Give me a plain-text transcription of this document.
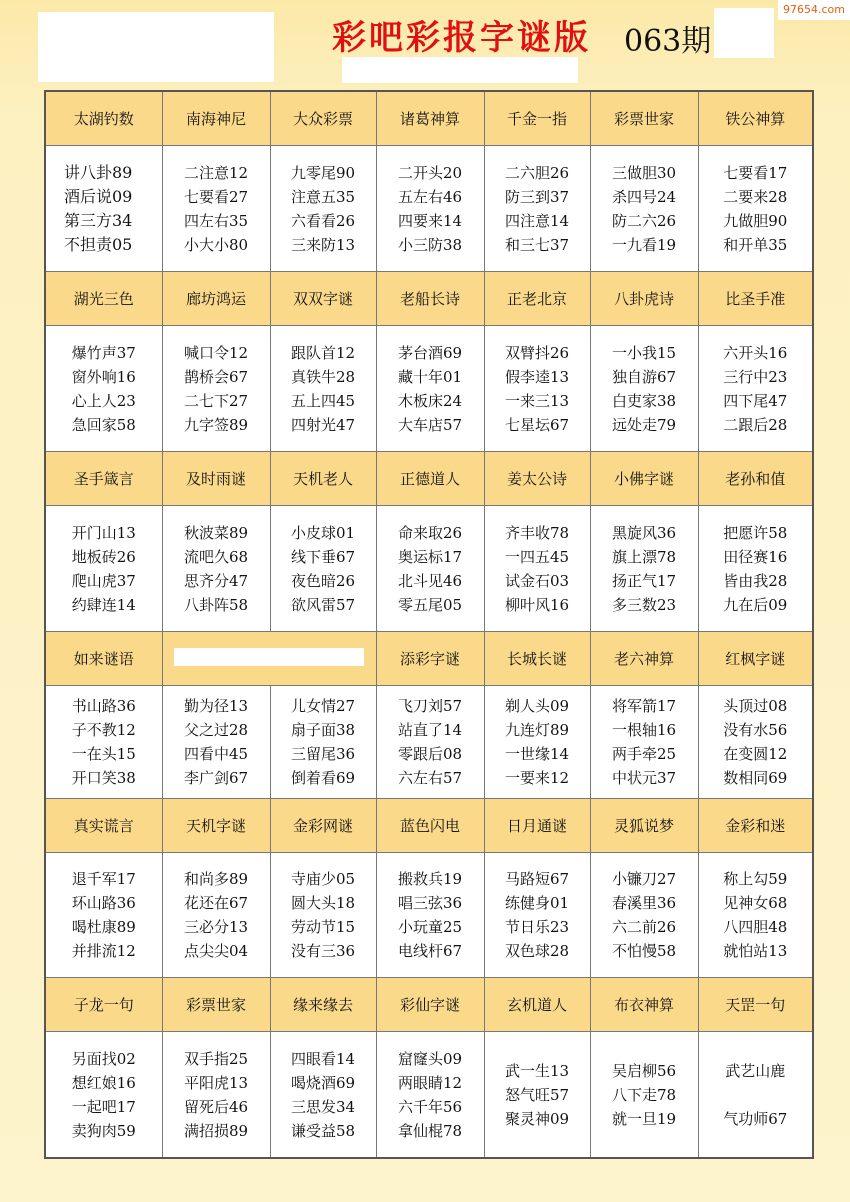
97654.com
彩吧彩报字谜版 063期
太湖钓数	南海神尼	大众彩票	诸葛神算	千金一指	彩票世家	铁公神算

讲八卦89
酒后说09
第三方34
不担责05	二注意12
七要看27
四左右35
小大小80	九零尾90
注意五35
六看看26
三来防13	二开头20
五左右46
四要来14
小三防38	二六胆26
防三到37
四注意14
和三七37	三做胆30
杀四号24
防二六26
一九看19	七要看17
二要来28
九做胆90
和开单35

湖光三色	廊坊鸿运	双双字谜	老船长诗	正老北京	八卦虎诗	比圣手准

爆竹声37
窗外响16
心上人23
急回家58	喊口令12
鹊桥会67
二七下27
九字签89	跟队首12
真铁牛28
五上四45
四射光47	茅台酒69
藏十年01
木板床24
大车店57	双臂抖26
假李逵13
一来三13
七星坛67	一小我15
独自游67
白吏家38
远处走79	六开头16
三行中23
四下尾47
二跟后28

圣手箴言	及时雨谜	天机老人	正德道人	姜太公诗	小佛字谜	老孙和值

开门山13
地板砖26
爬山虎37
约肆连14	秋波菜89
流吧久68
思齐分47
八卦阵58	小皮球01
线下垂67
夜色暗26
欲风雷57	命来取26
奥运标17
北斗见46
零五尾05	齐丰收78
一四五45
试金石03
柳叶风16	黑旋风36
旗上漂78
扬正气17
多三数23	把愿许58
田径赛16
皆由我28
九在后09

如来谜语			添彩字谜	长城长谜	老六神算	红枫字谜

书山路36
子不教12
一在头15
开口笑38	勤为径13
父之过28
四看中45
李广剑67	儿女情27
扇子面38
三留尾36
倒着看69	飞刀刘57
站直了14
零跟后08
六左右57	剃人头09
九连灯89
一世缘14
一要来12	将军箭17
一根轴16
两手牵25
中状元37	头顶过08
没有水56
在变圆12
数相同69

真实谎言	天机字谜	金彩网谜	蓝色闪电	日月通谜	灵狐说梦	金彩和迷

退千军17
环山路36
喝杜康89
并排流12	和尚多89
花还在67
三必分13
点尖尖04	寺庙少05
圆大头18
劳动节15
没有三36	搬救兵19
唱三弦36
小玩童25
电线杆67	马路短67
练健身01
节日乐23
双色球28	小镰刀27
春溪里36
六二前26
不怕慢58	称上勾59
见神女68
八四胆48
就怕站13

子龙一句	彩票世家	缘来缘去	彩仙字谜	玄机道人	布衣神算	天罡一句

另面找02
想红娘16
一起吧17
卖狗肉59	双手指25
平阳虎13
留死后46
满招损89	四眼看14
喝烧酒69
三思发34
谦受益58	窟窿头09
两眼睛12
六千年56
拿仙棍78	武一生13
怒气旺57
聚灵神09	吴启柳56
八下走78
就一旦19	武艺山鹿
气功师67
